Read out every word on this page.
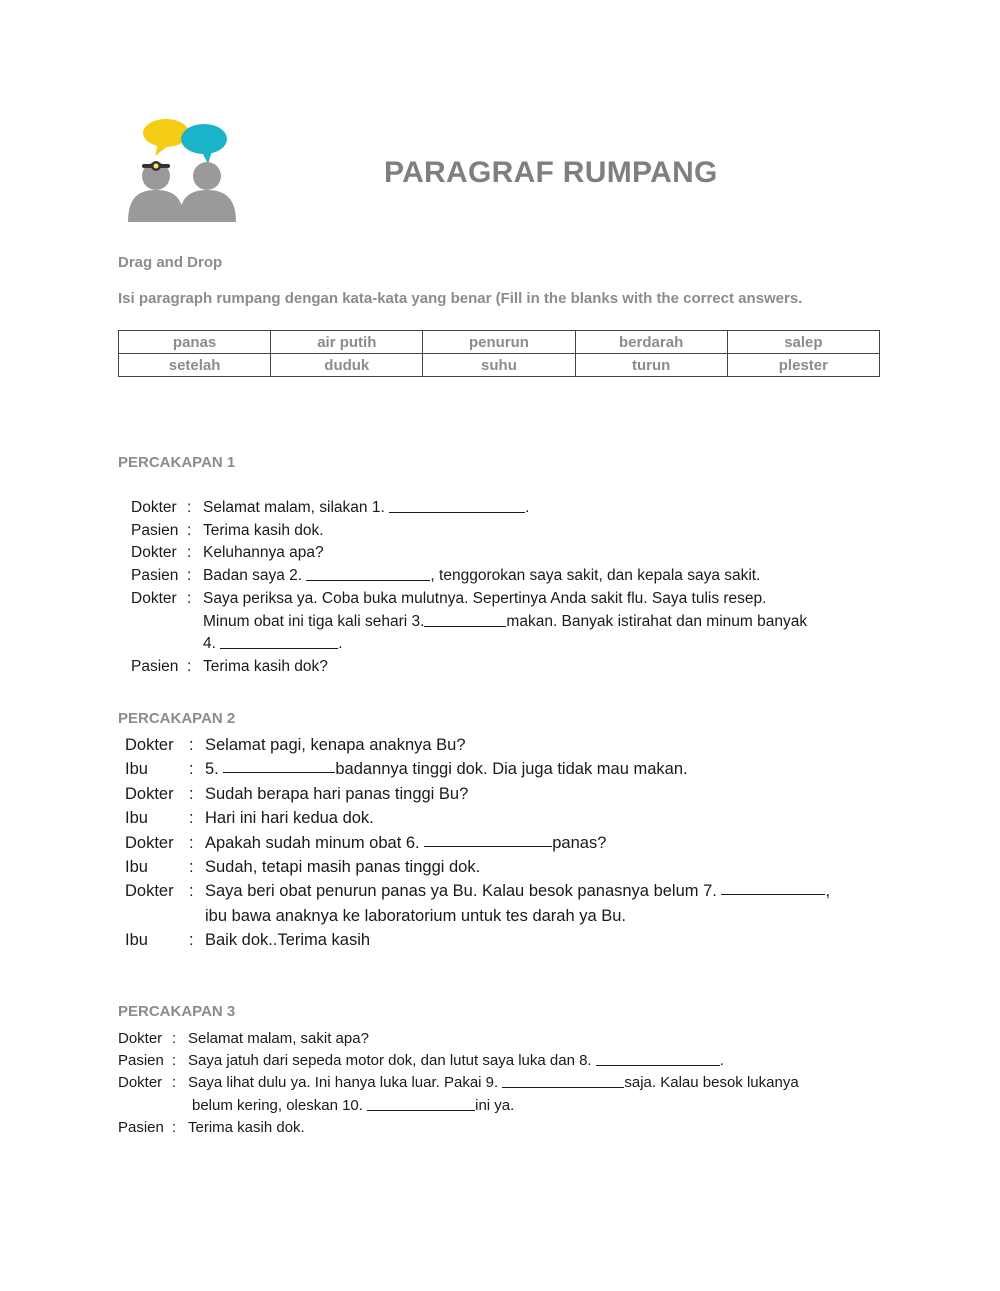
PARAGRAF RUMPANG
Drag and Drop
Isi paragraph rumpang dengan kata-kata yang benar (Fill in the blanks with the correct answers.
panas	air putih	penurun	berdarah	salep
setelah	duduk	suhu	turun	plester
PERCAKAPAN 1
Dokter : Selamat malam, silakan 1.
	.
Pasien : Terima kasih dok.
Dokter : Keluhannya apa?
Pasien : Badan saya 2.
	, tenggorokan saya sakit, dan kepala saya sakit.
Dokter : Saya periksa ya. Coba buka mulutnya. Sepertinya Anda sakit flu. Saya tulis resep.
Minum obat ini tiga kali sehari 3.	makan. Banyak istirahat dan minum banyak
4.
	.
Pasien : Terima kasih dok?
PERCAKAPAN 2
Dokter : Selamat pagi, kenapa anaknya Bu?
Ibu	: 5.
	badannya tinggi dok. Dia juga tidak mau makan.
Dokter : Sudah berapa hari panas tinggi Bu?
Ibu	: Hari ini hari kedua dok.
Dokter : Apakah sudah minum obat 6.
	panas?
Ibu	: Sudah, tetapi masih panas tinggi dok.
Dokter : Saya beri obat penurun panas ya Bu. Kalau besok panasnya belum 7.
	,
ibu bawa anaknya ke laboratorium untuk tes darah ya Bu.
Ibu	: Baik dok..Terima kasih
PERCAKAPAN 3
Dokter : Selamat malam, sakit apa?
Pasien : Saya jatuh dari sepeda motor dok, dan lutut saya luka dan 8.
	.
Dokter : Saya lihat dulu ya. Ini hanya luka luar. Pakai 9.
	saja. Kalau besok lukanya
belum kering, oleskan 10.
	ini ya.
Pasien : Terima kasih dok.
